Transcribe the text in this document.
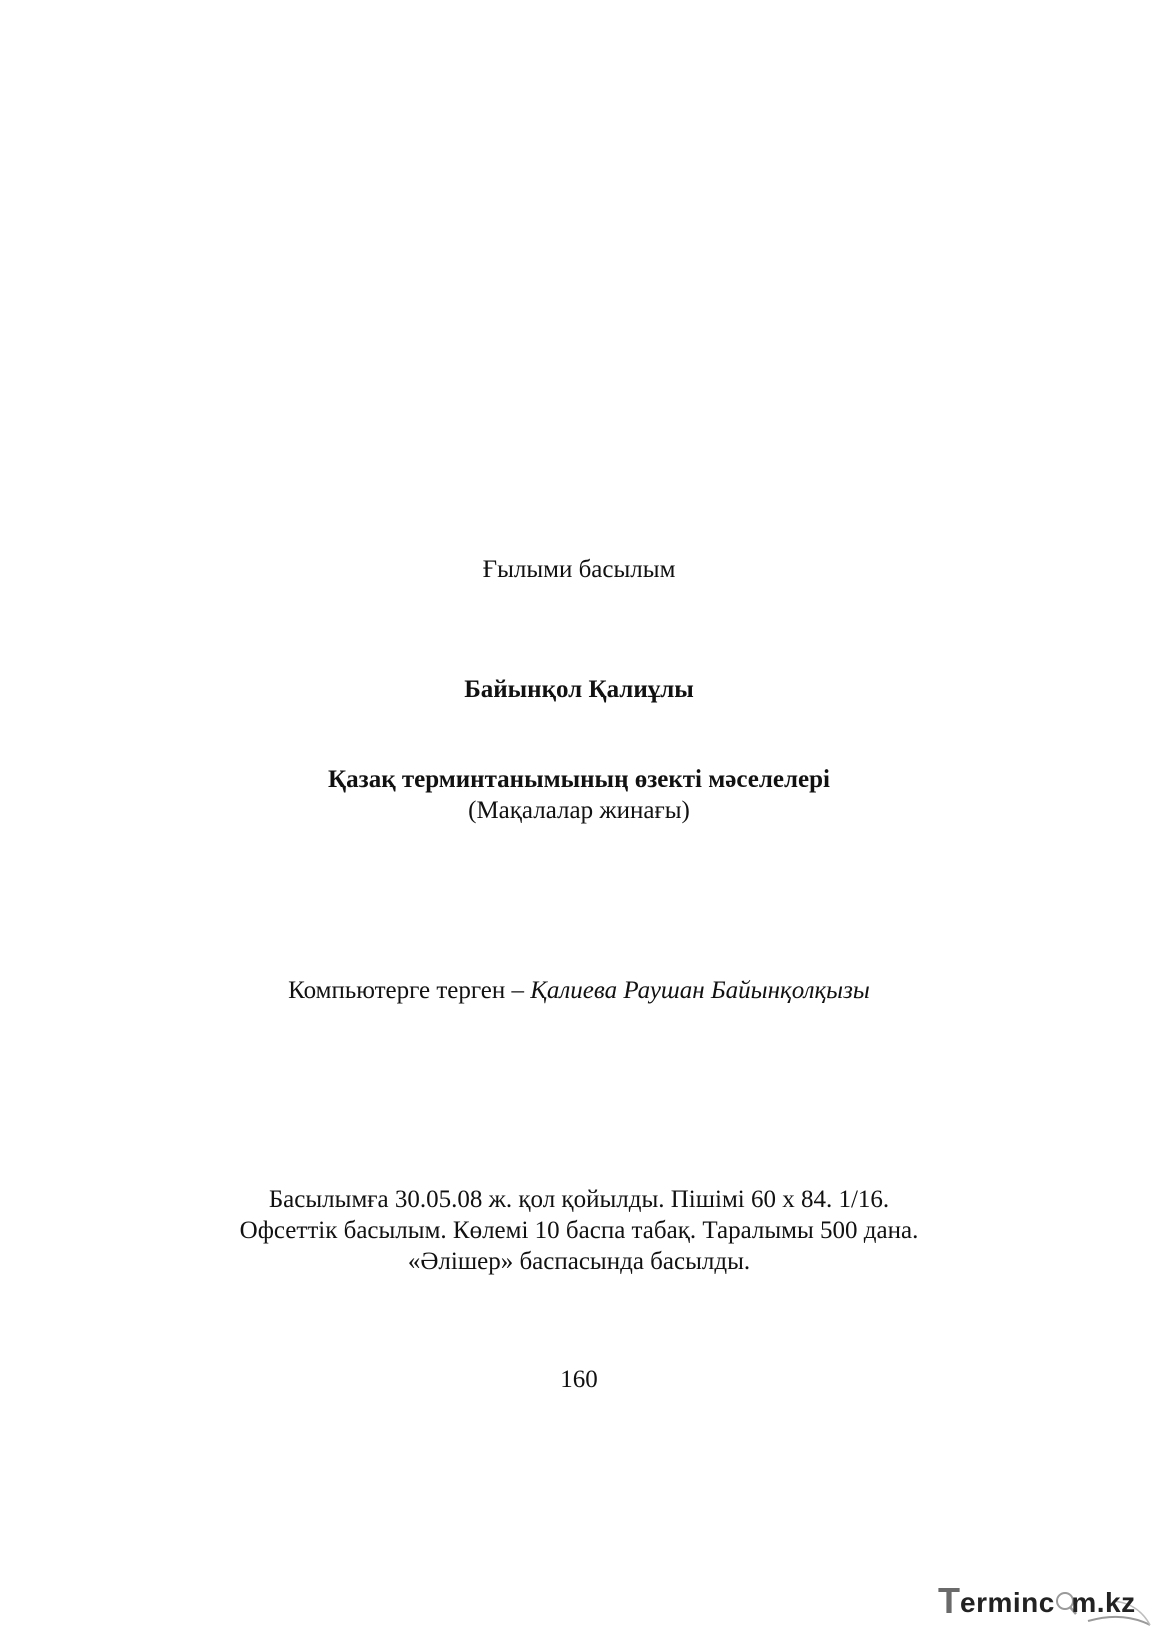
Ғылыми басылым
Байынқол Қалиұлы
Қазақ терминтанымының өзекті мәселелері
(Мақалалар жинағы)
Компьютерге терген – Қалиева Раушан Байынқолқызы
Басылымға 30.05.08 ж. қол қойылды. Пішімі 60 х 84. 1/16.
Офсеттік басылым. Көлемі 10 баспа табақ. Таралымы 500 дана.
«Әлішер» баспасында басылды.
160
T erminc  m.kz
